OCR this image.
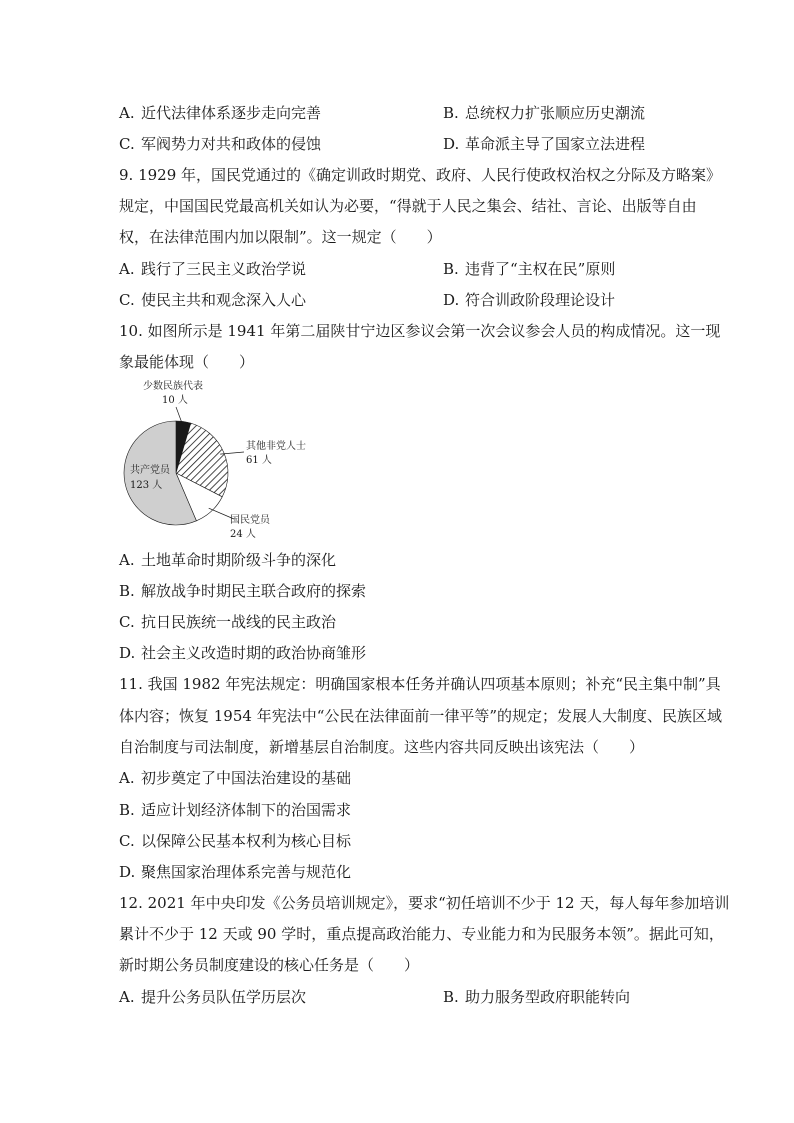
A. 近代法律体系逐步走向完善	B. 总统权力扩张顺应历史潮流
C. 军阀势力对共和政体的侵蚀	D. 革命派主导了国家立法进程
9. 1929 年，国民党通过的《确定训政时期党、政府、人民行使政权治权之分际及方略案》
规定，中国国民党最高机关如认为必要，“得就于人民之集会、结社、言论、出版等自由
权，在法律范围内加以限制”。这一规定（　　）
A. 践行了三民主义政治学说	B. 违背了“主权在民”原则
C. 使民主共和观念深入人心	D. 符合训政阶段理论设计
10. 如图所示是 1941 年第二届陕甘宁边区参议会第一次会议参会人员的构成情况。这一现
象最能体现（　　）
少数民族代表
10 人
其他非党人士
61 人
国民党员
24 人
共产党员
123 人
A. 土地革命时期阶级斗争的深化
B. 解放战争时期民主联合政府的探索
C. 抗日民族统一战线的民主政治
D. 社会主义改造时期的政治协商雏形
11. 我国 1982 年宪法规定：明确国家根本任务并确认四项基本原则；补充“民主集中制”具
体内容；恢复 1954 年宪法中“公民在法律面前一律平等”的规定；发展人大制度、民族区域
自治制度与司法制度，新增基层自治制度。这些内容共同反映出该宪法（　　）
A. 初步奠定了中国法治建设的基础
B. 适应计划经济体制下的治国需求
C. 以保障公民基本权利为核心目标
D. 聚焦国家治理体系完善与规范化
12. 2021 年中央印发《公务员培训规定》，要求“初任培训不少于 12 天，每人每年参加培训
累计不少于 12 天或 90 学时，重点提高政治能力、专业能力和为民服务本领”。据此可知，
新时期公务员制度建设的核心任务是（　　）
A. 提升公务员队伍学历层次	B. 助力服务型政府职能转向
